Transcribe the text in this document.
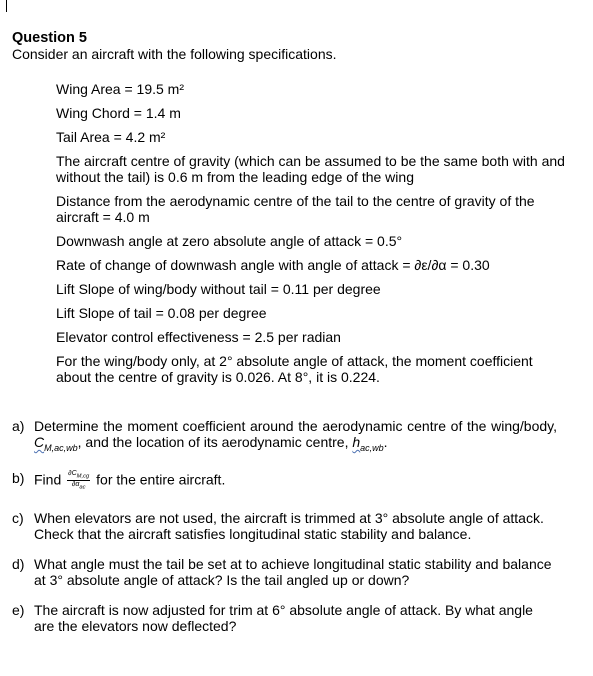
Question 5
Consider an aircraft with the following specifications.
Wing Area = 19.5 m²
Wing Chord = 1.4 m
Tail Area = 4.2 m²
The aircraft centre of gravity (which can be assumed to be the same both with and without the tail) is 0.6 m from the leading edge of the wing
Distance from the aerodynamic centre of the tail to the centre of gravity of the aircraft = 4.0 m
Downwash angle at zero absolute angle of attack = 0.5°
Rate of change of downwash angle with angle of attack = ∂ε/∂α = 0.30
Lift Slope of wing/body without tail = 0.11 per degree
Lift Slope of tail = 0.08 per degree
Elevator control effectiveness = 2.5 per radian
For the wing/body only, at 2° absolute angle of attack, the moment coefficient about the centre of gravity is 0.026. At 8°, it is 0.224.
a) Determine the moment coefficient around the aerodynamic centre of the wing/body, $C_{M,ac,wb}$, and the location of its aerodynamic centre, $h_{ac,wb}$.
b) Find $\frac{\partial C_{M,cg}}{\partial\alpha_{ac}}$ for the entire aircraft.
c) When elevators are not used, the aircraft is trimmed at 3° absolute angle of attack. Check that the aircraft satisfies longitudinal static stability and balance.
d) What angle must the tail be set at to achieve longitudinal static stability and balance at 3° absolute angle of attack? Is the tail angled up or down?
e) The aircraft is now adjusted for trim at 6° absolute angle of attack. By what angle are the elevators now deflected?
